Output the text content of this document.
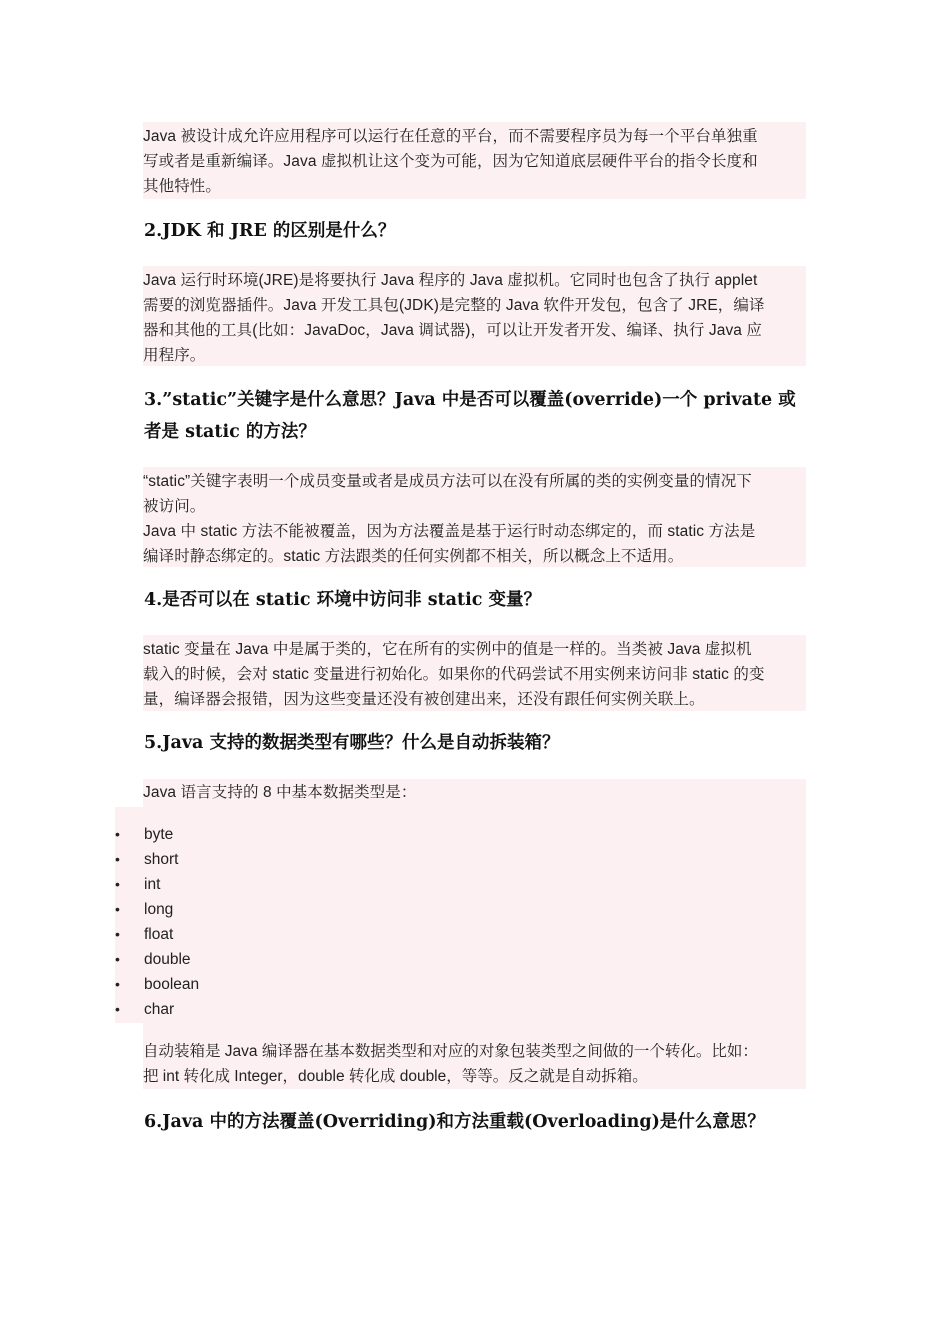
Java 被设计成允许应用程序可以运行在任意的平台，而不需要程序员为每一个平台单独重
写或者是重新编译。Java 虚拟机让这个变为可能，因为它知道底层硬件平台的指令长度和
其他特性。

2.JDK 和 JRE 的区别是什么？

Java 运行时环境(JRE)是将要执行 Java 程序的 Java 虚拟机。它同时也包含了执行 applet
需要的浏览器插件。Java 开发工具包(JDK)是完整的 Java 软件开发包，包含了 JRE，编译
器和其他的工具(比如：JavaDoc，Java 调试器)，可以让开发者开发、编译、执行 Java 应
用程序。

3.”static”关键字是什么意思？Java 中是否可以覆盖(override)一个 private 或
者是 static 的方法？

“static”关键字表明一个成员变量或者是成员方法可以在没有所属的类的实例变量的情况下
被访问。
Java 中 static 方法不能被覆盖，因为方法覆盖是基于运行时动态绑定的，而 static 方法是
编译时静态绑定的。static 方法跟类的任何实例都不相关，所以概念上不适用。

4.是否可以在 static 环境中访问非 static 变量？

static 变量在 Java 中是属于类的，它在所有的实例中的值是一样的。当类被 Java 虚拟机
载入的时候，会对 static 变量进行初始化。如果你的代码尝试不用实例来访问非 static 的变
量，编译器会报错，因为这些变量还没有被创建出来，还没有跟任何实例关联上。

5.Java 支持的数据类型有哪些？什么是自动拆装箱？

Java 语言支持的 8 中基本数据类型是：

•	byte
•	short
•	int
•	long
•	float
•	double
•	boolean
•	char

自动装箱是 Java 编译器在基本数据类型和对应的对象包装类型之间做的一个转化。比如：
把 int 转化成 Integer，double 转化成 double，等等。反之就是自动拆箱。

6.Java 中的方法覆盖(Overriding)和方法重载(Overloading)是什么意思？
